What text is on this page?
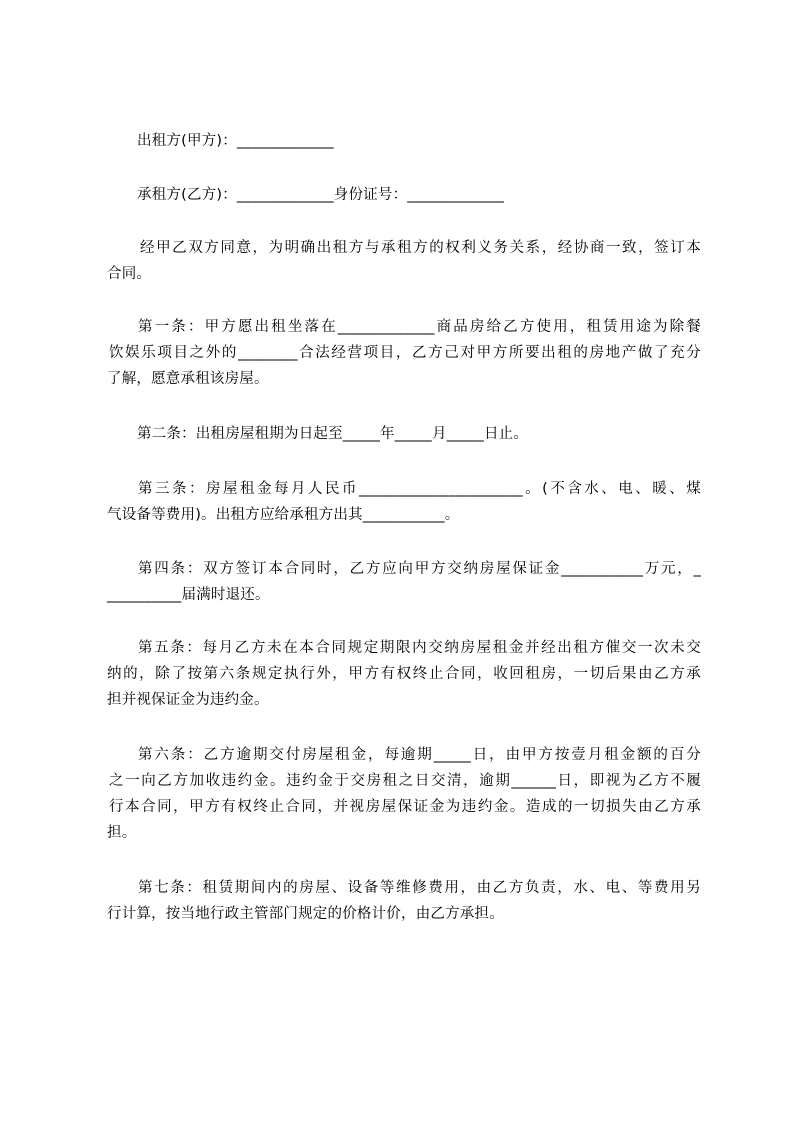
出租方(甲方)：_____________
承租方(乙方)：_____________身份证号：_____________
经甲乙双方同意，为明确出租方与承租方的权利义务关系，经协商一致，签订本
合同。
第一条：甲方愿出租坐落在_____________商品房给乙方使用，租赁用途为除餐
饮娱乐项目之外的________合法经营项目，乙方己对甲方所要出租的房地产做了充分
了解，愿意承租该房屋。
第二条：出租房屋租期为日起至_____年_____月_____日止。
第三条：房屋租金每月人民币______________________。(不含水、电、暖、煤
气设备等费用)。出租方应给承租方出其___________。
第四条：双方签订本合同时，乙方应向甲方交纳房屋保证金___________万元，_
__________届满时退还。
第五条：每月乙方未在本合同规定期限内交纳房屋租金并经出租方催交一次未交
纳的，除了按第六条规定执行外，甲方有权终止合同，收回租房，一切后果由乙方承
担并视保证金为违约金。
第六条：乙方逾期交付房屋租金，每逾期_____日，由甲方按壹月租金额的百分
之一向乙方加收违约金。违约金于交房租之日交清，逾期______日，即视为乙方不履
行本合同，甲方有权终止合同，并视房屋保证金为违约金。造成的一切损失由乙方承
担。
第七条：租赁期间内的房屋、设备等维修费用，由乙方负责，水、电、等费用另
行计算，按当地行政主管部门规定的价格计价，由乙方承担。
